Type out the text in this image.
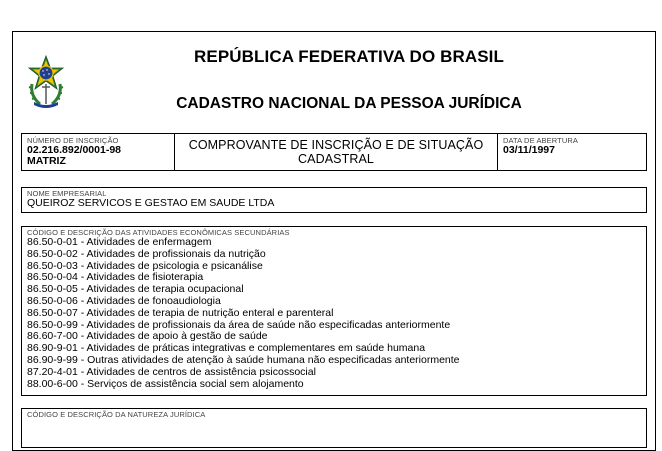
REPÚBLICA FEDERATIVA DO BRASIL
CADASTRO NACIONAL DA PESSOA JURÍDICA
NÚMERO DE INSCRIÇÃO
02.216.892/0001-98
MATRIZ
COMPROVANTE DE INSCRIÇÃO E DE SITUAÇÃO
CADASTRAL
DATA DE ABERTURA
03/11/1997
NOME EMPRESARIAL
QUEIROZ SERVICOS E GESTAO EM SAUDE LTDA
CÓDIGO E DESCRIÇÃO DAS ATIVIDADES ECONÔMICAS SECUNDÁRIAS
86.50-0-01 - Atividades de enfermagem
86.50-0-02 - Atividades de profissionais da nutrição
86.50-0-03 - Atividades de psicologia e psicanálise
86.50-0-04 - Atividades de fisioterapia
86.50-0-05 - Atividades de terapia ocupacional
86.50-0-06 - Atividades de fonoaudiologia
86.50-0-07 - Atividades de terapia de nutrição enteral e parenteral
86.50-0-99 - Atividades de profissionais da área de saúde não especificadas anteriormente
86.60-7-00 - Atividades de apoio à gestão de saúde
86.90-9-01 - Atividades de práticas integrativas e complementares em saúde humana
86.90-9-99 - Outras atividades de atenção à saúde humana não especificadas anteriormente
87.20-4-01 - Atividades de centros de assistência psicossocial
88.00-6-00 - Serviços de assistência social sem alojamento
CÓDIGO E DESCRIÇÃO DA NATUREZA JURÍDICA
